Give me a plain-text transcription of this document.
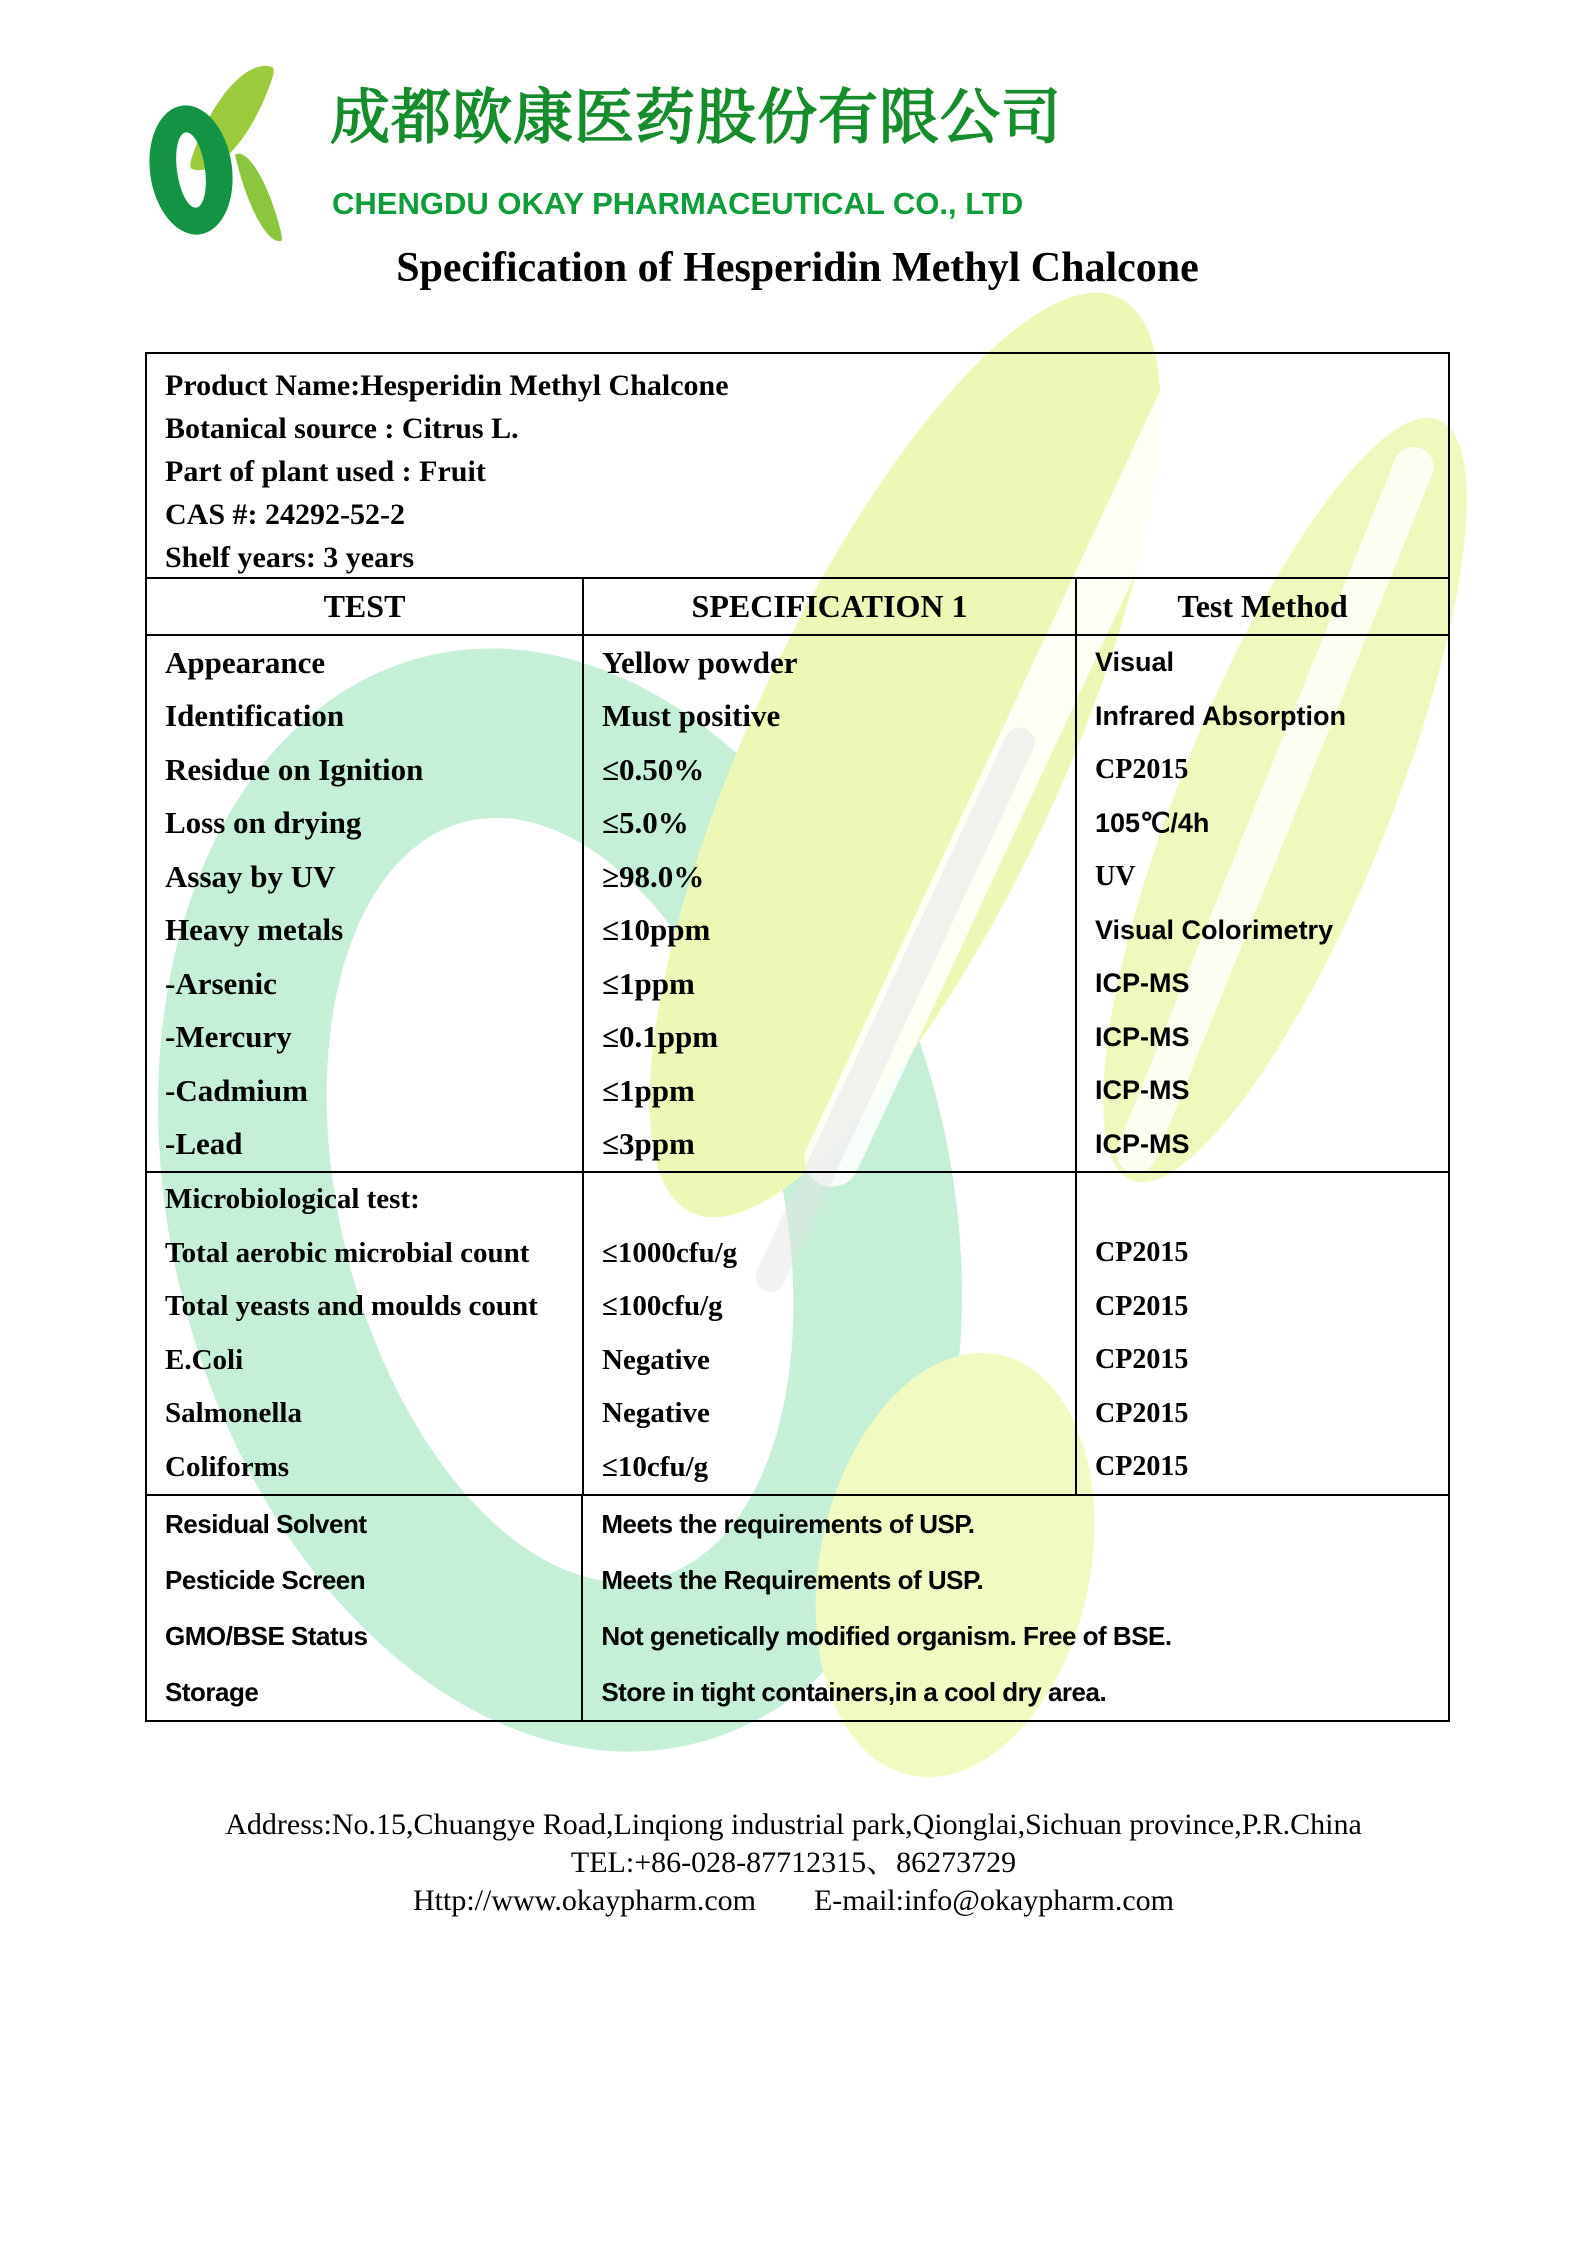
成都欧康医药股份有限公司
CHENGDU OKAY PHARMACEUTICAL CO., LTD
Specification of Hesperidin Methyl Chalcone
Product Name:Hesperidin Methyl Chalcone
Botanical source : Citrus L.
Part of plant used : Fruit
CAS #: 24292-52-2
Shelf years: 3 years
TEST	SPECIFICATION 1	Test Method
Appearance	Yellow powder	Visual
Identification	Must positive	Infrared Absorption
Residue on Ignition	≤0.50%	CP2015
Loss on drying	≤5.0%	105℃/4h
Assay by UV	≥98.0%	UV
Heavy metals	≤10ppm	Visual Colorimetry
-Arsenic	≤1ppm	ICP-MS
-Mercury	≤0.1ppm	ICP-MS
-Cadmium	≤1ppm	ICP-MS
-Lead	≤3ppm	ICP-MS
Microbiological test:
Total aerobic microbial count	≤1000cfu/g	CP2015
Total yeasts and moulds count	≤100cfu/g	CP2015
E.Coli	Negative	CP2015
Salmonella	Negative	CP2015
Coliforms	≤10cfu/g	CP2015
Residual Solvent	Meets the requirements of USP.
Pesticide Screen	Meets the Requirements of USP.
GMO/BSE Status	Not genetically modified organism. Free of BSE.
Storage	Store in tight containers,in a cool dry area.
Address:No.15,Chuangye Road,Linqiong industrial park,Qionglai,Sichuan province,P.R.China
TEL:+86-028-87712315、86273729
Http://www.okaypharm.com E-mail:info@okaypharm.com
